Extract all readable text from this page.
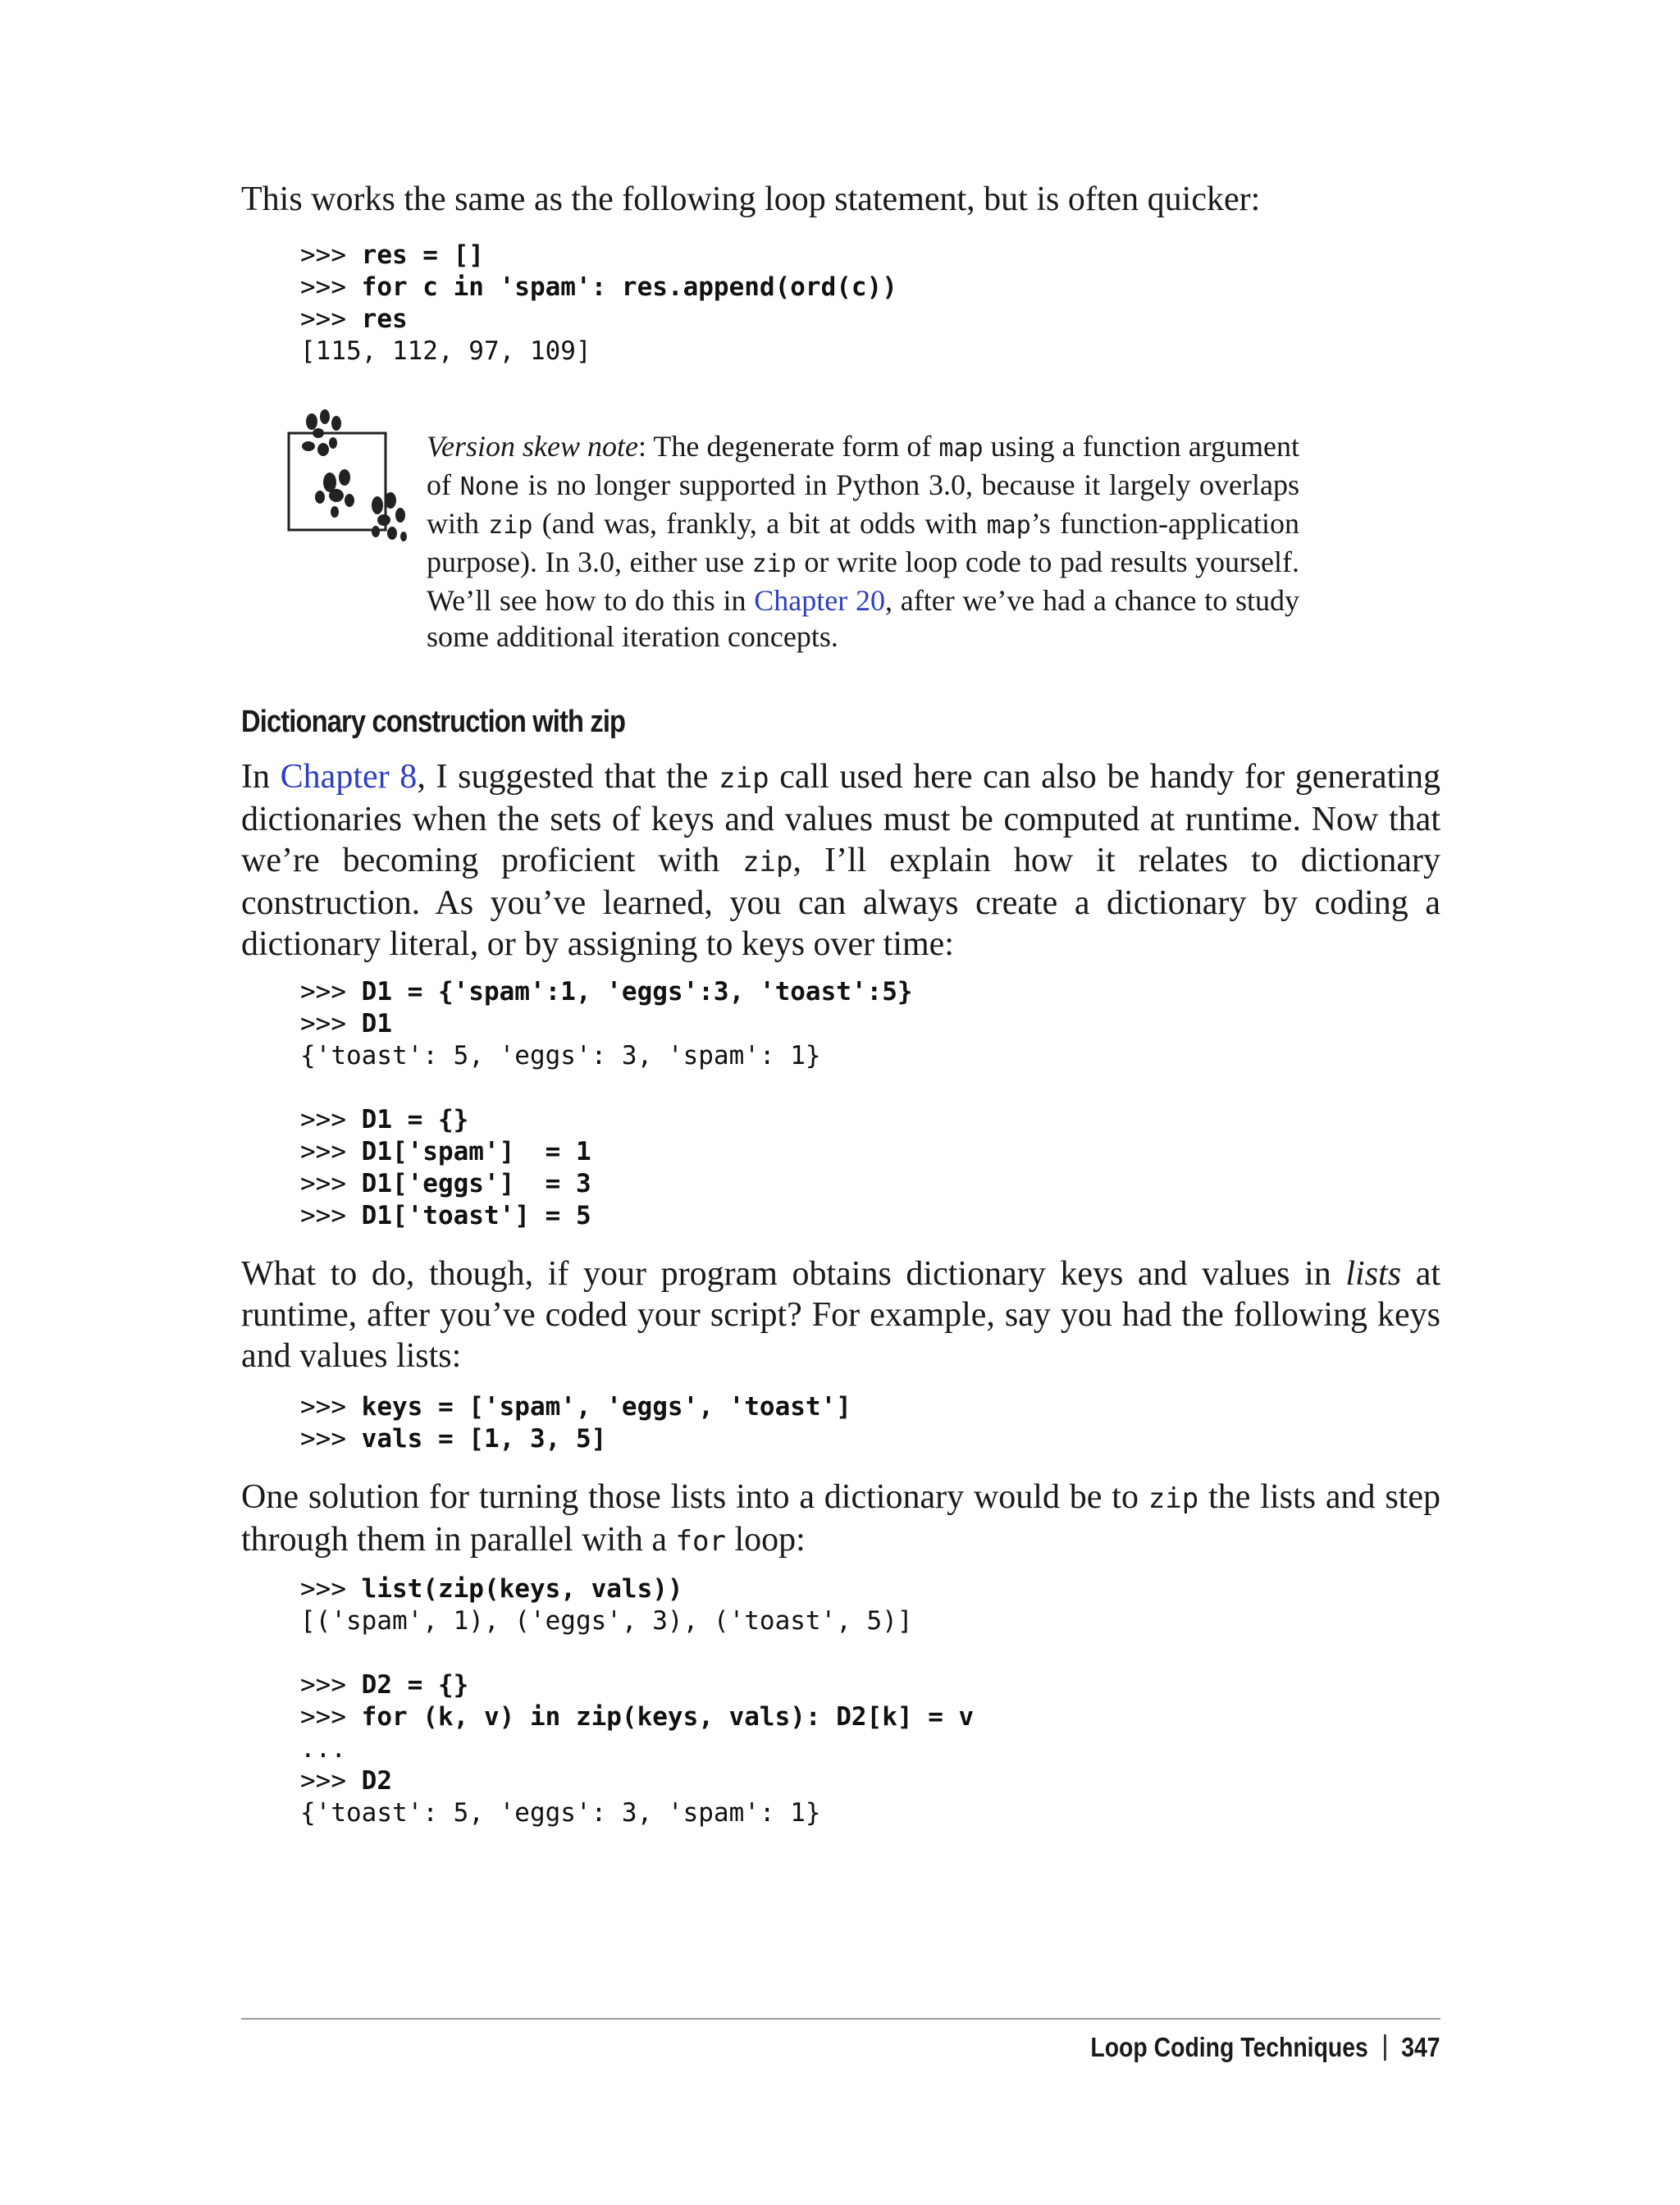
This works the same as the following loop statement, but is often quicker:

>>> res = []
>>> for c in 'spam': res.append(ord(c))
>>> res
[115, 112, 97, 109]

Version skew note: The degenerate form of map using a function argument of None is no longer supported in Python 3.0, because it largely overlaps with zip (and was, frankly, a bit at odds with map’s function-application purpose). In 3.0, either use zip or write loop code to pad results yourself. We’ll see how to do this in Chapter 20, after we’ve had a chance to study some additional iteration concepts.

Dictionary construction with zip

In Chapter 8, I suggested that the zip call used here can also be handy for generating dictionaries when the sets of keys and values must be computed at runtime. Now that we’re becoming proficient with zip, I’ll explain how it relates to dictionary construction. As you’ve learned, you can always create a dictionary by coding a dictionary literal, or by assigning to keys over time:

>>> D1 = {'spam':1, 'eggs':3, 'toast':5}
>>> D1
{'toast': 5, 'eggs': 3, 'spam': 1}

>>> D1 = {}
>>> D1['spam']  = 1
>>> D1['eggs']  = 3
>>> D1['toast'] = 5

What to do, though, if your program obtains dictionary keys and values in lists at runtime, after you’ve coded your script? For example, say you had the following keys and values lists:

>>> keys = ['spam', 'eggs', 'toast']
>>> vals = [1, 3, 5]

One solution for turning those lists into a dictionary would be to zip the lists and step through them in parallel with a for loop:

>>> list(zip(keys, vals))
[('spam', 1), ('eggs', 3), ('toast', 5)]

>>> D2 = {}
>>> for (k, v) in zip(keys, vals): D2[k] = v
...
>>> D2
{'toast': 5, 'eggs': 3, 'spam': 1}
Loop Coding Techniques 347
